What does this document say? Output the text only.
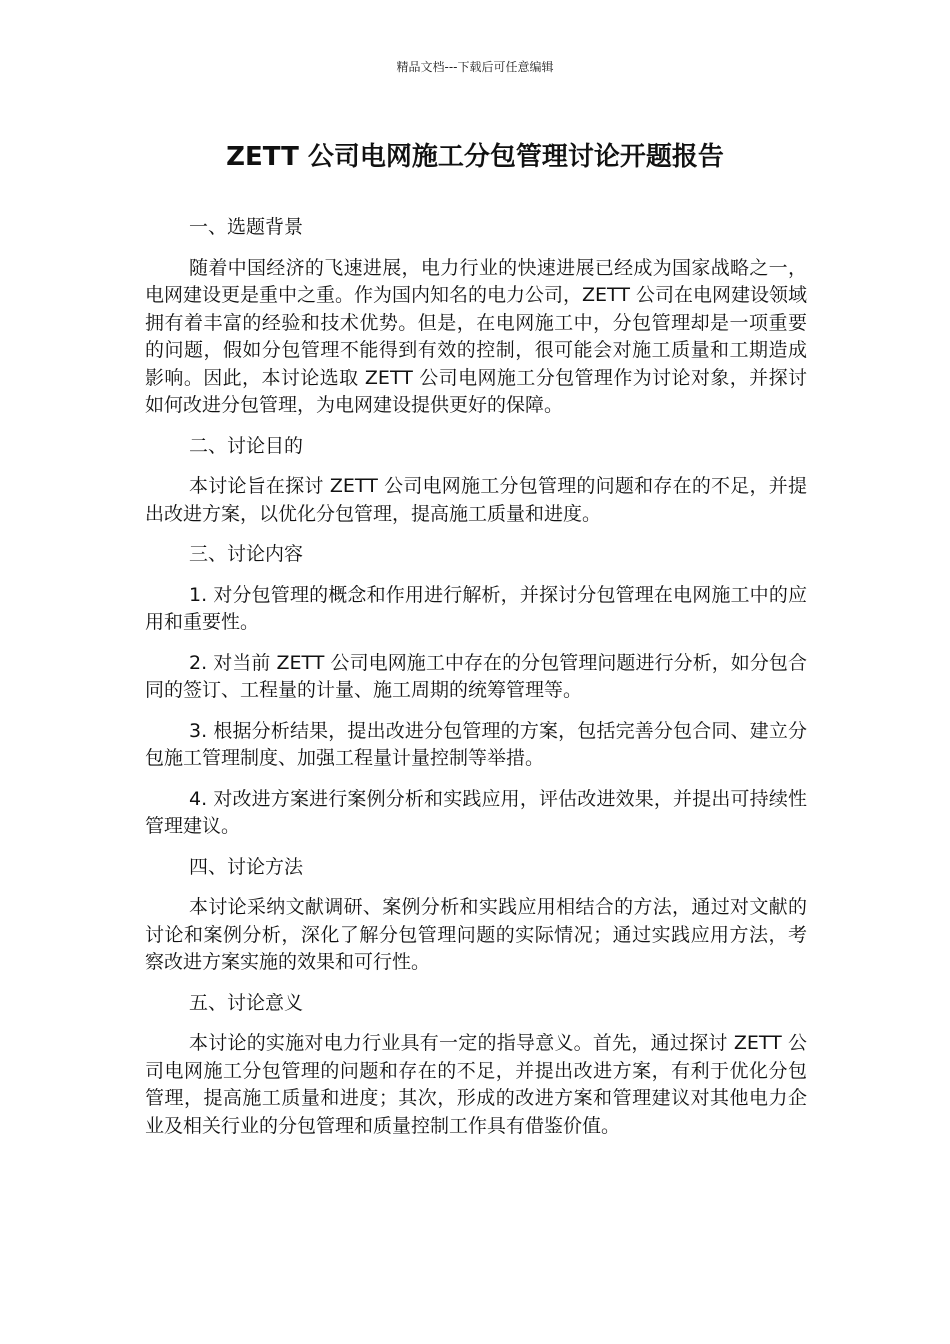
精品文档---下载后可任意编辑
ZETT 公司电网施工分包管理讨论开题报告

一、选题背景

随着中国经济的飞速进展，电力行业的快速进展已经成为国家战略之一，电网建设更是重中之重。作为国内知名的电力公司，ZETT 公司在电网建设领域拥有着丰富的经验和技术优势。但是，在电网施工中，分包管理却是一项重要的问题，假如分包管理不能得到有效的控制，很可能会对施工质量和工期造成影响。因此，本讨论选取 ZETT 公司电网施工分包管理作为讨论对象，并探讨如何改进分包管理，为电网建设提供更好的保障。

二、讨论目的

本讨论旨在探讨 ZETT 公司电网施工分包管理的问题和存在的不足，并提出改进方案，以优化分包管理，提高施工质量和进度。

三、讨论内容

1. 对分包管理的概念和作用进行解析，并探讨分包管理在电网施工中的应用和重要性。

2. 对当前 ZETT 公司电网施工中存在的分包管理问题进行分析，如分包合同的签订、工程量的计量、施工周期的统筹管理等。

3. 根据分析结果，提出改进分包管理的方案，包括完善分包合同、建立分包施工管理制度、加强工程量计量控制等举措。

4. 对改进方案进行案例分析和实践应用，评估改进效果，并提出可持续性管理建议。

四、讨论方法

本讨论采纳文献调研、案例分析和实践应用相结合的方法，通过对文献的讨论和案例分析，深化了解分包管理问题的实际情况；通过实践应用方法，考察改进方案实施的效果和可行性。

五、讨论意义

本讨论的实施对电力行业具有一定的指导意义。首先，通过探讨 ZETT 公司电网施工分包管理的问题和存在的不足，并提出改进方案，有利于优化分包管理，提高施工质量和进度；其次，形成的改进方案和管理建议对其他电力企业及相关行业的分包管理和质量控制工作具有借鉴价值。
